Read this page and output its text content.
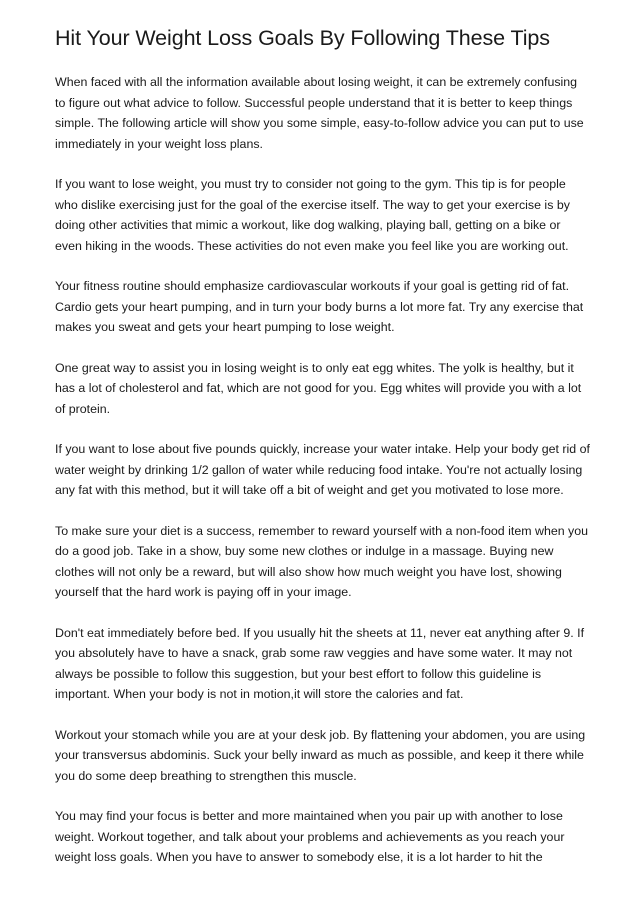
Hit Your Weight Loss Goals By Following These Tips

When faced with all the information available about losing weight, it can be extremely confusing to figure out what advice to follow. Successful people understand that it is better to keep things simple. The following article will show you some simple, easy-to-follow advice you can put to use immediately in your weight loss plans.

If you want to lose weight, you must try to consider not going to the gym. This tip is for people who dislike exercising just for the goal of the exercise itself. The way to get your exercise is by doing other activities that mimic a workout, like dog walking, playing ball, getting on a bike or even hiking in the woods. These activities do not even make you feel like you are working out.

Your fitness routine should emphasize cardiovascular workouts if your goal is getting rid of fat. Cardio gets your heart pumping, and in turn your body burns a lot more fat. Try any exercise that makes you sweat and gets your heart pumping to lose weight.

One great way to assist you in losing weight is to only eat egg whites. The yolk is healthy, but it has a lot of cholesterol and fat, which are not good for you. Egg whites will provide you with a lot of protein.

If you want to lose about five pounds quickly, increase your water intake. Help your body get rid of water weight by drinking 1/2 gallon of water while reducing food intake. You're not actually losing any fat with this method, but it will take off a bit of weight and get you motivated to lose more.

To make sure your diet is a success, remember to reward yourself with a non-food item when you do a good job. Take in a show, buy some new clothes or indulge in a massage. Buying new clothes will not only be a reward, but will also show how much weight you have lost, showing yourself that the hard work is paying off in your image.

Don't eat immediately before bed. If you usually hit the sheets at 11, never eat anything after 9. If you absolutely have to have a snack, grab some raw veggies and have some water. It may not always be possible to follow this suggestion, but your best effort to follow this guideline is important. When your body is not in motion,it will store the calories and fat.

Workout your stomach while you are at your desk job. By flattening your abdomen, you are using your transversus abdominis. Suck your belly inward as much as possible, and keep it there while you do some deep breathing to strengthen this muscle.

You may find your focus is better and more maintained when you pair up with another to lose weight. Workout together, and talk about your problems and achievements as you reach your weight loss goals. When you have to answer to somebody else, it is a lot harder to hit the
